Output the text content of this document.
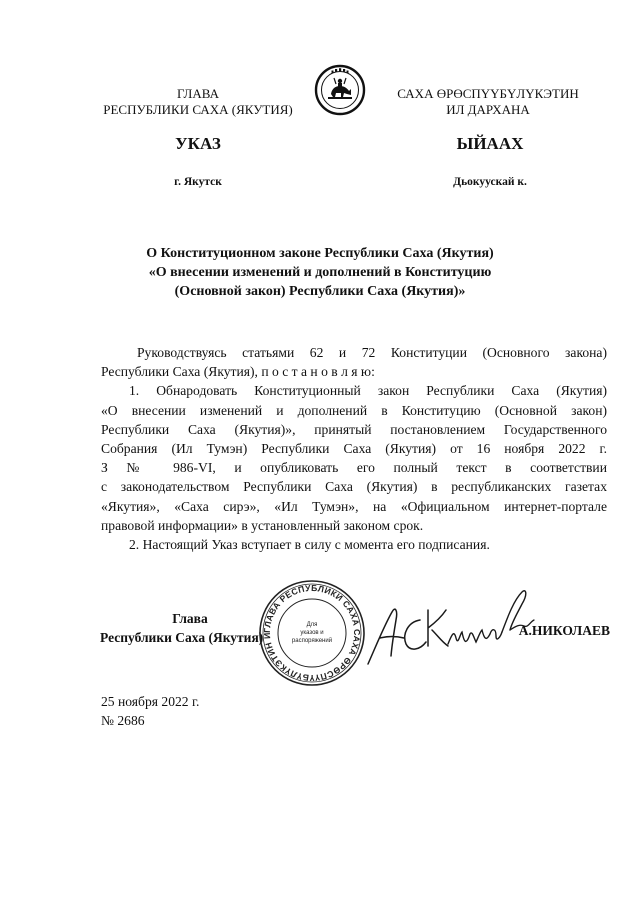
ГЛАВА
РЕСПУБЛИКИ САХА (ЯКУТИЯ)
УКАЗ
г. Якутск
САХА ӨРӨСПҮҮБҮЛҮКЭТИН
ИЛ ДАРХАНА
ЫЙААХ
Дьокуускай к.
О Конституционном законе Республики Саха (Якутия)
«О внесении изменений и дополнений в Конституцию
(Основной закон) Республики Саха (Якутия)»

Руководствуясь статьями 62 и 72 Конституции (Основного закона)

Республики Саха (Якутия), п о с т а н о в л я ю:

1. Обнародовать Конституционный закон Республики Саха (Якутия)

«О внесении изменений и дополнений в Конституцию (Основной закон)

Республики Саха (Якутия)», принятый постановлением Государственного

Собрания (Ил Тумэн) Республики Саха (Якутия) от 16 ноября 2022 г.

З № 986-VI, и опубликовать его полный текст в соответствии

с законодательством Республики Саха (Якутия) в республиканских газетах

«Якутия», «Саха сирэ», «Ил Тумэн», на «Официальном интернет-портале

правовой информации» в установленный законом срок.

2. Настоящий Указ вступает в силу с момента его подписания.

Глава
Республики Саха (Якутия)
ГЛАВА РЕСПУБЛИКИ САХА САХА ӨРӨСПҮҮБҮЛҮКЭТИН И
Для
указов и
распоряжений
А.НИКОЛАЕВ
25 ноября 2022 г.
№ 2686
